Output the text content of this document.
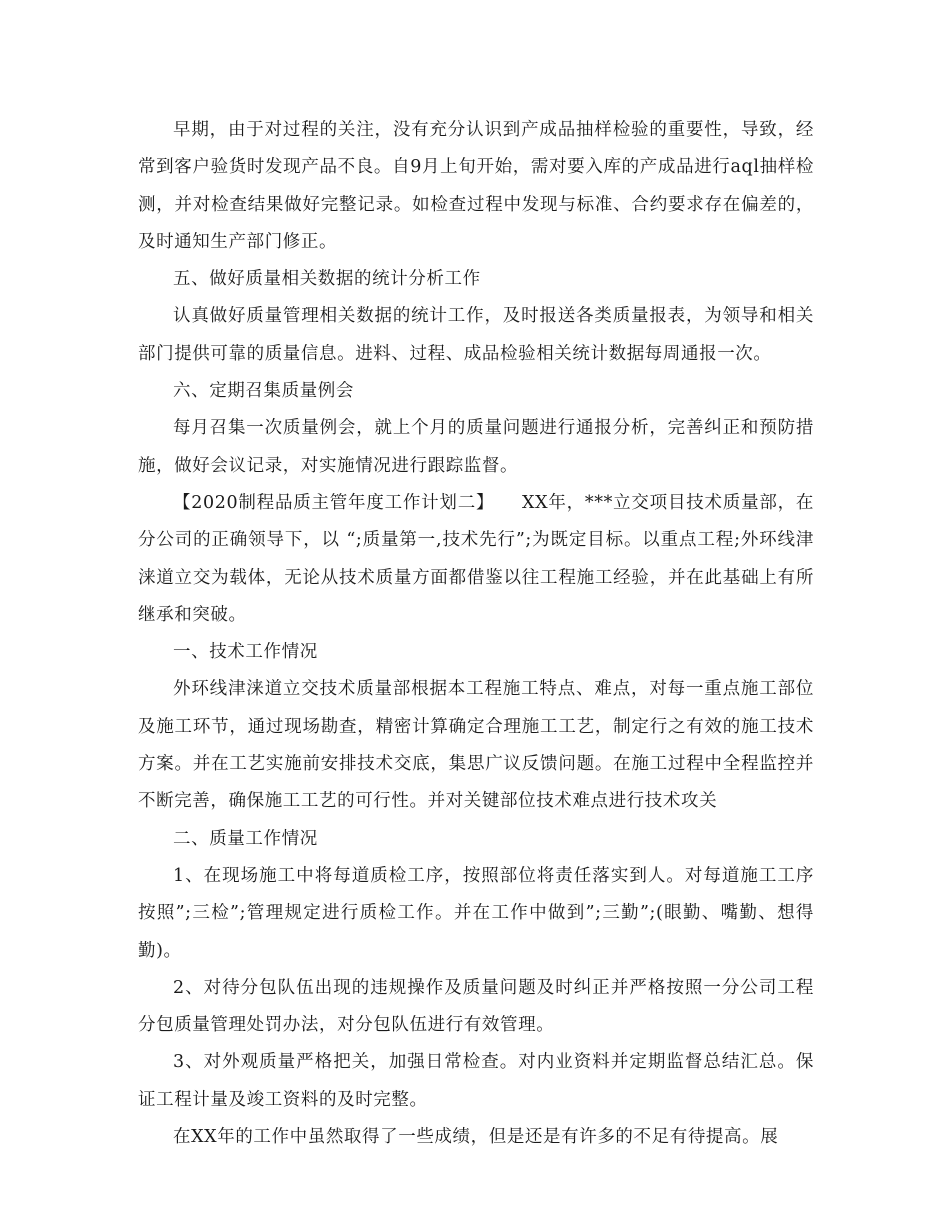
早期，由于对过程的关注，没有充分认识到产成品抽样检验的重要性，导致，经常到客户验货时发现产品不良。自9月上旬开始，需对要入库的产成品进行aql抽样检测，并对检查结果做好完整记录。如检查过程中发现与标准、合约要求存在偏差的，及时通知生产部门修正。

五、做好质量相关数据的统计分析工作

认真做好质量管理相关数据的统计工作，及时报送各类质量报表，为领导和相关部门提供可靠的质量信息。进料、过程、成品检验相关统计数据每周通报一次。

六、定期召集质量例会

每月召集一次质量例会，就上个月的质量问题进行通报分析，完善纠正和预防措施，做好会议记录，对实施情况进行跟踪监督。

【2020制程品质主管年度工作计划二】　　XX年，***立交项目技术质量部，在分公司的正确领导下，以 “;质量第一,技术先行”;为既定目标。以重点工程;外环线津涞道立交为载体，无论从技术质量方面都借鉴以往工程施工经验，并在此基础上有所继承和突破。

一、技术工作情况

外环线津涞道立交技术质量部根据本工程施工特点、难点，对每一重点施工部位及施工环节，通过现场勘查，精密计算确定合理施工工艺，制定行之有效的施工技术方案。并在工艺实施前安排技术交底，集思广议反馈问题。在施工过程中全程监控并不断完善，确保施工工艺的可行性。并对关键部位技术难点进行技术攻关

二、质量工作情况

1、在现场施工中将每道质检工序，按照部位将责任落实到人。对每道施工工序按照”;三检”;管理规定进行质检工作。并在工作中做到”;三勤”;(眼勤、嘴勤、想得勤)。

2、对待分包队伍出现的违规操作及质量问题及时纠正并严格按照一分公司工程分包质量管理处罚办法，对分包队伍进行有效管理。

3、对外观质量严格把关，加强日常检查。对内业资料并定期监督总结汇总。保证工程计量及竣工资料的及时完整。

在XX年的工作中虽然取得了一些成绩，但是还是有许多的不足有待提高。展
